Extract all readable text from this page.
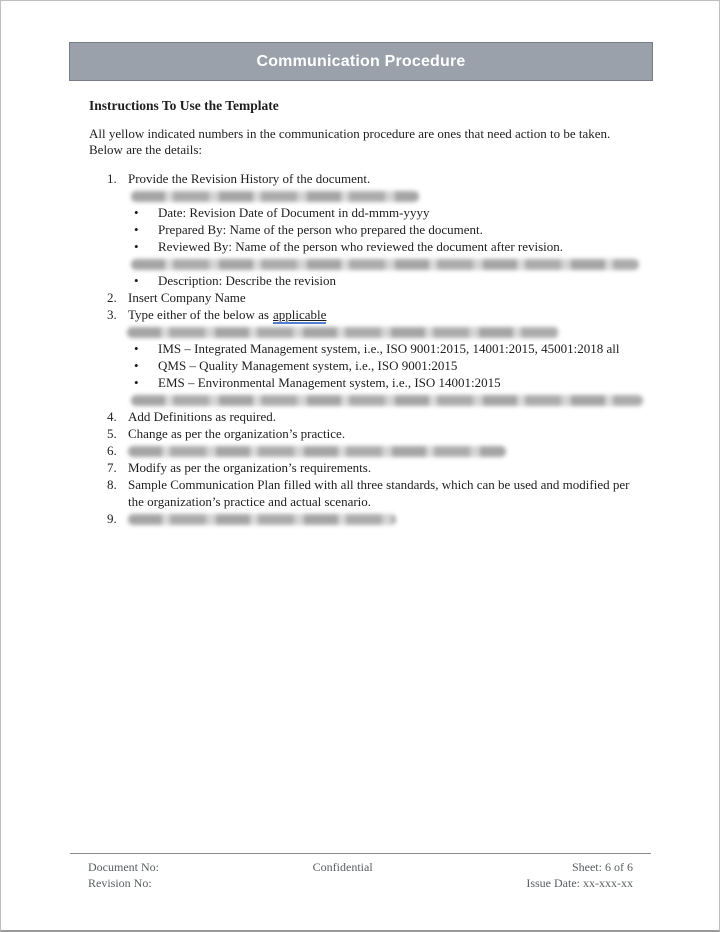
Communication Procedure
Instructions To Use the Template
All yellow indicated numbers in the communication procedure are ones that need action to be taken. Below are the details:
1. Provide the Revision History of the document.
•	Date: Revision Date of Document in dd-mmm-yyyy
•	Prepared By: Name of the person who prepared the document.
•	Reviewed By: Name of the person who reviewed the document after revision.
•	Description: Describe the revision
2. Insert Company Name
3. Type either of the below as applicable
•	IMS – Integrated Management system, i.e., ISO 9001:2015, 14001:2015, 45001:2018 all
•	QMS – Quality Management system, i.e., ISO 9001:2015
•	EMS – Environmental Management system, i.e., ISO 14001:2015
4. Add Definitions as required.
5. Change as per the organization’s practice.
6.
7. Modify as per the organization’s requirements.
8. Sample Communication Plan filled with all three standards, which can be used and modified per the organization’s practice and actual scenario.
9.
Document No:
Revision No:
Confidential	Sheet: 6 of 6
Issue Date: xx-xxx-xx
